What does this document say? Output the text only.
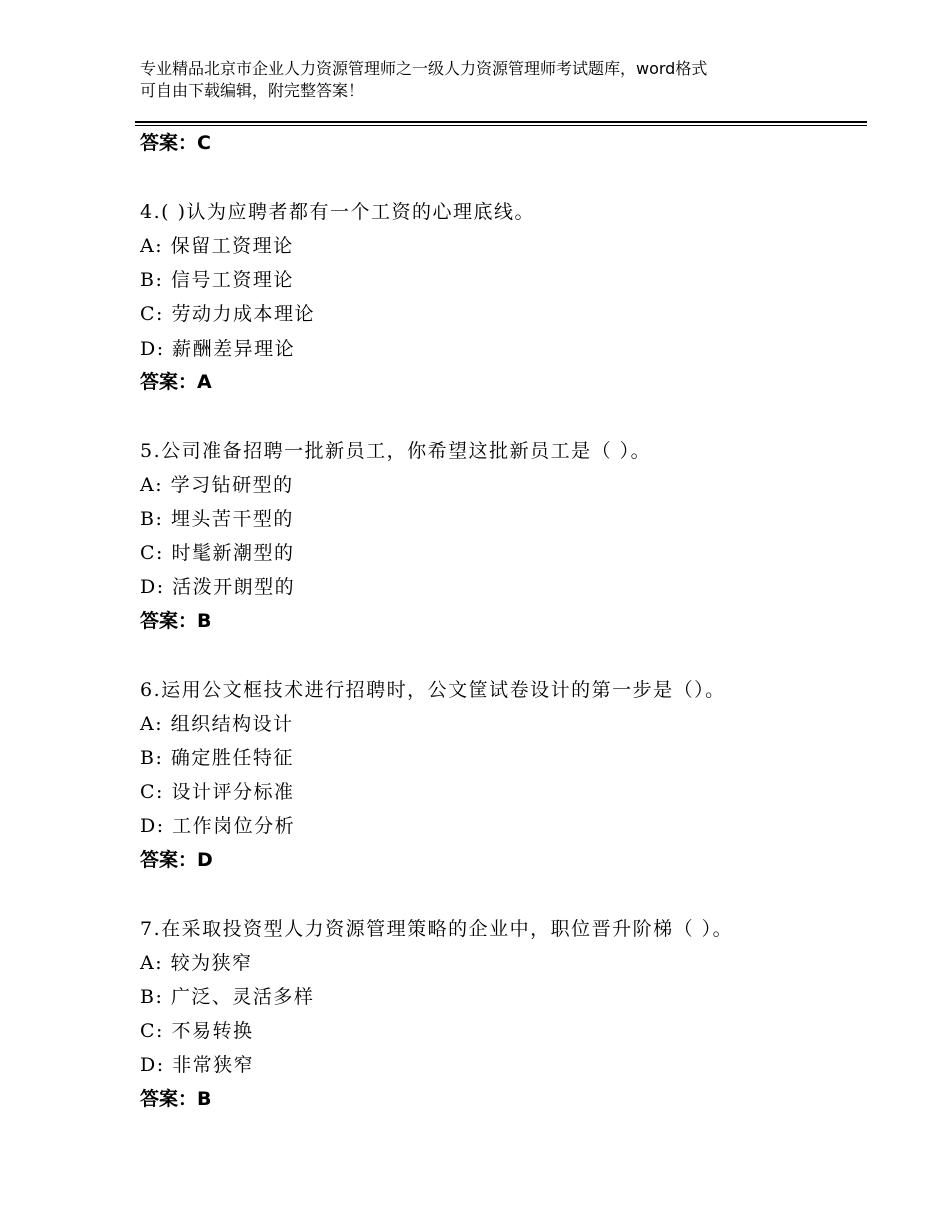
专业精品北京市企业人力资源管理师之一级人力资源管理师考试题库，word格式
可自由下载编辑，附完整答案！
答案：C
4.( )认为应聘者都有一个工资的心理底线。
A: 保留工资理论
B: 信号工资理论
C: 劳动力成本理论
D: 薪酬差异理论
答案：A
5.公司准备招聘一批新员工，你希望这批新员工是（ ）。
A: 学习钻研型的
B: 埋头苦干型的
C: 时髦新潮型的
D: 活泼开朗型的
答案：B
6.运用公文框技术进行招聘时，公文筐试卷设计的第一步是（）。
A: 组织结构设计
B: 确定胜任特征
C: 设计评分标准
D: 工作岗位分析
答案：D
7.在采取投资型人力资源管理策略的企业中，职位晋升阶梯（ ）。
A: 较为狭窄
B: 广泛、灵活多样
C: 不易转换
D: 非常狭窄
答案：B
